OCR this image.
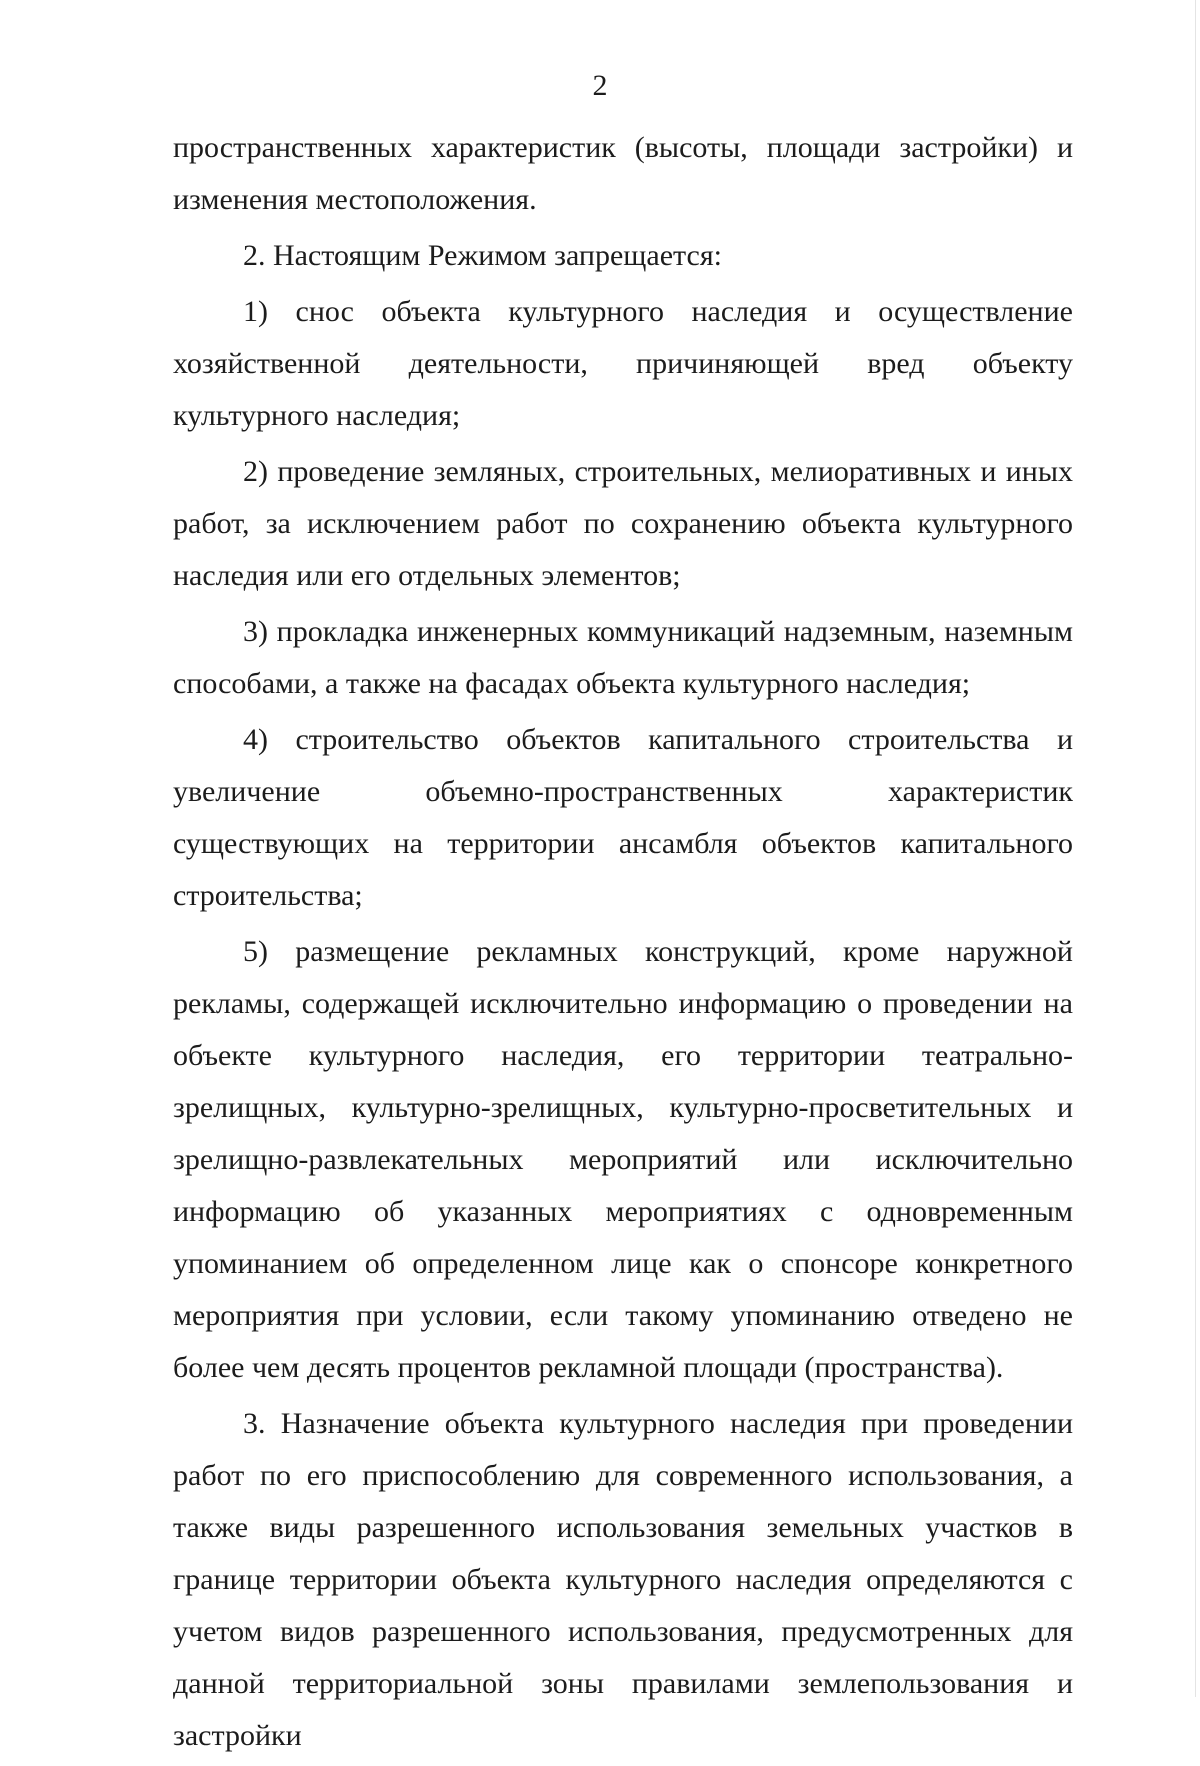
2

пространственных характеристик (высоты, площади застройки) и изменения местоположения.

2. Настоящим Режимом запрещается:

1) снос объекта культурного наследия и осуществление хозяйственной деятельности, причиняющей вред объекту культурного наследия;

2) проведение земляных, строительных, мелиоративных и иных работ, за исключением работ по сохранению объекта культурного наследия или его отдельных элементов;

3) прокладка инженерных коммуникаций надземным, наземным способами, а также на фасадах объекта культурного наследия;

4) строительство объектов капитального строительства и увеличение объемно-пространственных характеристик существующих на территории ансамбля объектов капитального строительства;

5) размещение рекламных конструкций, кроме наружной рекламы, содержащей исключительно информацию о проведении на объекте культурного наследия, его территории театрально-зрелищных, культурно-зрелищных, культурно-просветительных и зрелищно-развлекательных мероприятий или исключительно информацию об указанных мероприятиях с одновременным упоминанием об определенном лице как о спонсоре конкретного мероприятия при условии, если такому упоминанию отведено не более чем десять процентов рекламной площади (пространства).

3. Назначение объекта культурного наследия при проведении работ по его приспособлению для современного использования, а также виды разрешенного использования земельных участков в границе территории объекта культурного наследия определяются с учетом видов разрешенного использования, предусмотренных для данной территориальной зоны правилами землепользования и застройки
